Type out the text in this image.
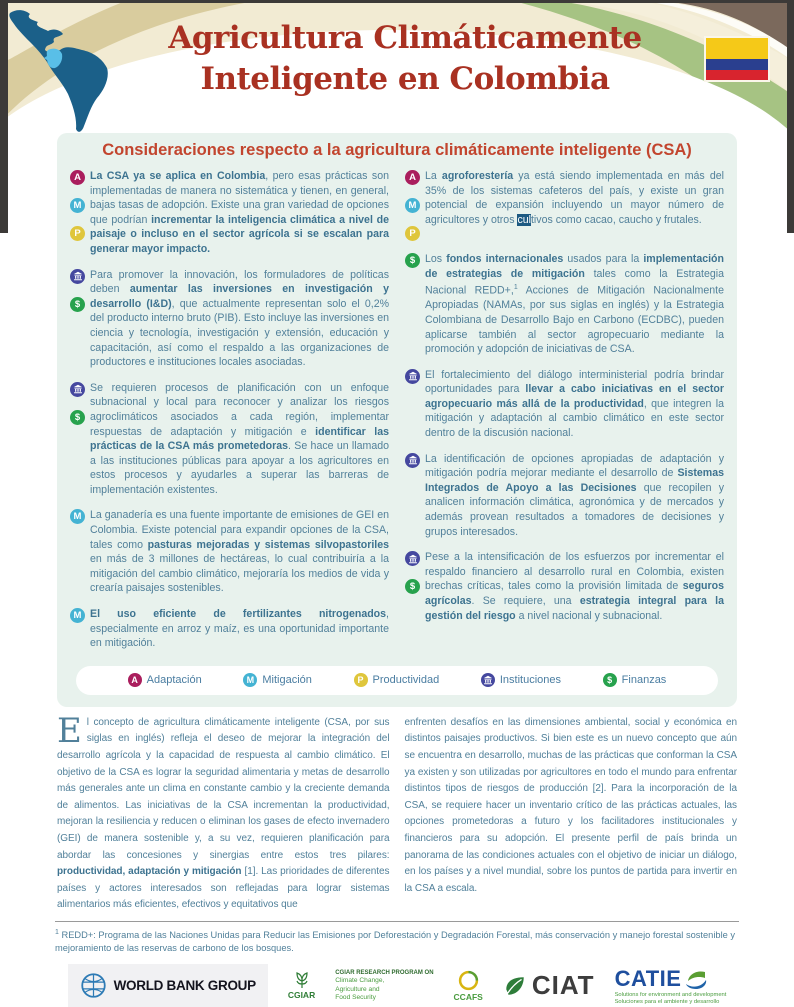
Agricultura Climáticamente
Inteligente en Colombia
Consideraciones respecto a la agricultura climáticamente inteligente (CSA)
A
M
P

La CSA ya se aplica en Colombia, pero esas prácticas son implementadas de manera no sistemática y tienen, en general, bajas tasas de adopción. Existe una gran variedad de opciones que podrían incrementar la inteligencia climática a nivel de paisaje o incluso en el sector agrícola si se escalan para generar mayor impacto.

$

Para promover la innovación, los formuladores de políticas deben aumentar las inversiones en investigación y desarrollo (I&D), que actualmente representan solo el 0,2% del producto interno bruto (PIB). Esto incluye las inversiones en ciencia y tecnología, investigación y extensión, educación y capacitación, así como el respaldo a las organizaciones de productores e instituciones locales asociadas.

$

Se requieren procesos de planificación con un enfoque subnacional y local para reconocer y analizar los riesgos agroclimáticos asociados a cada región, implementar respuestas de adaptación y mitigación e identificar las prácticas de la CSA más prometedoras. Se hace un llamado a las instituciones públicas para apoyar a los agricultores en estos procesos y ayudarles a superar las barreras de implementación existentes.

M La ganadería es una fuente importante de emisiones de GEI en Colombia. Existe potencial para expandir opciones de la CSA, tales como pasturas mejoradas y sistemas silvopastoriles en más de 3 millones de hectáreas, lo cual contribuiría a la mitigación del cambio climático, mejoraría los medios de vida y crearía paisajes sostenibles.

M El uso eficiente de fertilizantes nitrogenados, especialmente en arroz y maíz, es una oportunidad importante en mitigación.

A
M
P

La agroforestería ya está siendo implementada en más del 35% de los sistemas cafeteros del país, y existe un gran potencial de expansión incluyendo un mayor número de agricultores y otros cultivos como cacao, caucho y frutales.

$ Los fondos internacionales usados para la implementación de estrategias de mitigación tales como la Estrategia Nacional REDD+,$^1$ Acciones de Mitigación Nacionalmente Apropiadas (NAMAs, por sus siglas en inglés) y la Estrategia Colombiana de Desarrollo Bajo en Carbono (ECDBC), pueden aplicarse también al sector agropecuario mediante la promoción y adopción de iniciativas de CSA.

El fortalecimiento del diálogo interministerial podría brindar oportunidades para llevar a cabo iniciativas en el sector agropecuario más allá de la productividad, que integren la mitigación y adaptación al cambio climático en este sector dentro de la discusión nacional.

La identificación de opciones apropiadas de adaptación y mitigación podría mejorar mediante el desarrollo de Sistemas Integrados de Apoyo a las Decisiones que recopilen y analicen información climática, agronómica y de mercados y además provean resultados a tomadores de decisiones y grupos interesados.

$

Pese a la intensificación de los esfuerzos por incrementar el respaldo financiero al desarrollo rural en Colombia, existen brechas críticas, tales como la provisión limitada de seguros agrícolas. Se requiere, una estrategia integral para la gestión del riesgo a nivel nacional y subnacional.

A Adaptación	M Mitigación	P Productividad	Instituciones	$ Finanzas

El concepto de agricultura climáticamente inteligente (CSA, por sus siglas en inglés) refleja el deseo de mejorar la integración del desarrollo agrícola y la capacidad de respuesta al cambio climático. El objetivo de la CSA es lograr la seguridad alimentaria y metas de desarrollo más generales ante un clima en constante cambio y la creciente demanda de alimentos. Las iniciativas de la CSA incrementan la productividad, mejoran la resiliencia y reducen o eliminan los gases de efecto invernadero (GEI) de manera sostenible y, a su vez, requieren planificación para abordar las concesiones y sinergias entre estos tres pilares: productividad, adaptación y mitigación [1]. Las prioridades de diferentes países y actores interesados son reflejadas para lograr sistemas alimentarios más eficientes, efectivos y equitativos que

enfrenten desafíos en las dimensiones ambiental, social y económica en distintos paisajes productivos. Si bien este es un nuevo concepto que aún se encuentra en desarrollo, muchas de las prácticas que conforman la CSA ya existen y son utilizadas por agricultores en todo el mundo para enfrentar distintos tipos de riesgos de producción [2]. Para la incorporación de la CSA, se requiere hacer un inventario crítico de las prácticas actuales, las opciones prometedoras a futuro y los facilitadores institucionales y financieros para su adopción. El presente perfil de país brinda un panorama de las condiciones actuales con el objetivo de iniciar un diálogo, en los países y a nivel mundial, sobre los puntos de partida para invertir en la CSA a escala.

$^1$ REDD+: Programa de las Naciones Unidas para Reducir las Emisiones por Deforestación y Degradación Forestal, más conservación y manejo forestal sostenible y mejoramiento de las reservas de carbono de los bosques.
WORLD BANK GROUP
CGIAR
CGIAR RESEARCH PROGRAM ON
Climate Change,
Agriculture and
Food Security	CCAFS CIAT CATIE
Solutions for environment and development
Soluciones para el ambiente y desarrollo
